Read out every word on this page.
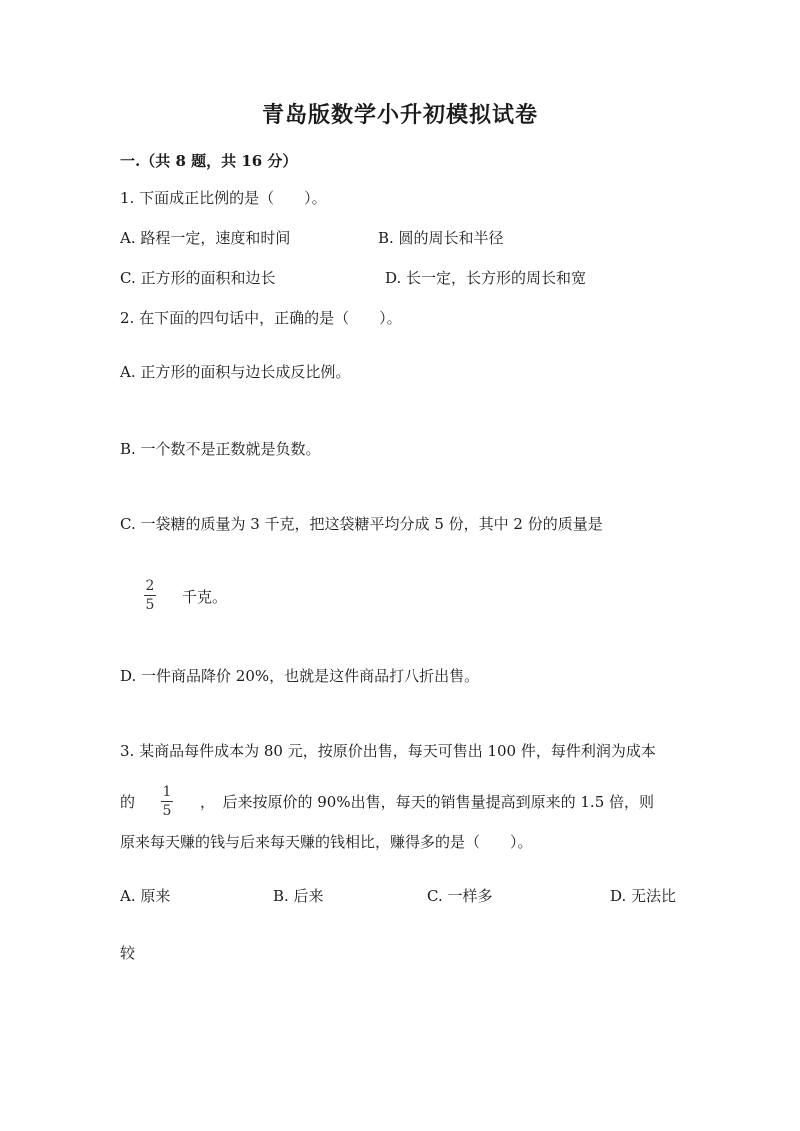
青岛版数学小升初模拟试卷
一.（共 8 题，共 16 分）
1. 下面成正比例的是（　　）。
A. 路程一定，速度和时间	B. 圆的周长和半径
C. 正方形的面积和边长	D. 长一定，长方形的周长和宽
2. 在下面的四句话中，正确的是（　　）。
A. 正方形的面积与边长成反比例。
B. 一个数不是正数就是负数。
C. 一袋糖的质量为 3 千克，把这袋糖平均分成 5 份，其中 2 份的质量是
2
5 千克。
D. 一件商品降价 20%，也就是这件商品打八折出售。
3. 某商品每件成本为 80 元，按原价出售，每天可售出 100 件，每件利润为成本
的
1
5 ，　后来按原价的 90%出售，每天的销售量提高到原来的 1.5 倍，则
原来每天赚的钱与后来每天赚的钱相比，赚得多的是（　　）。
A. 原来	B. 后来	C. 一样多	D. 无法比
较
